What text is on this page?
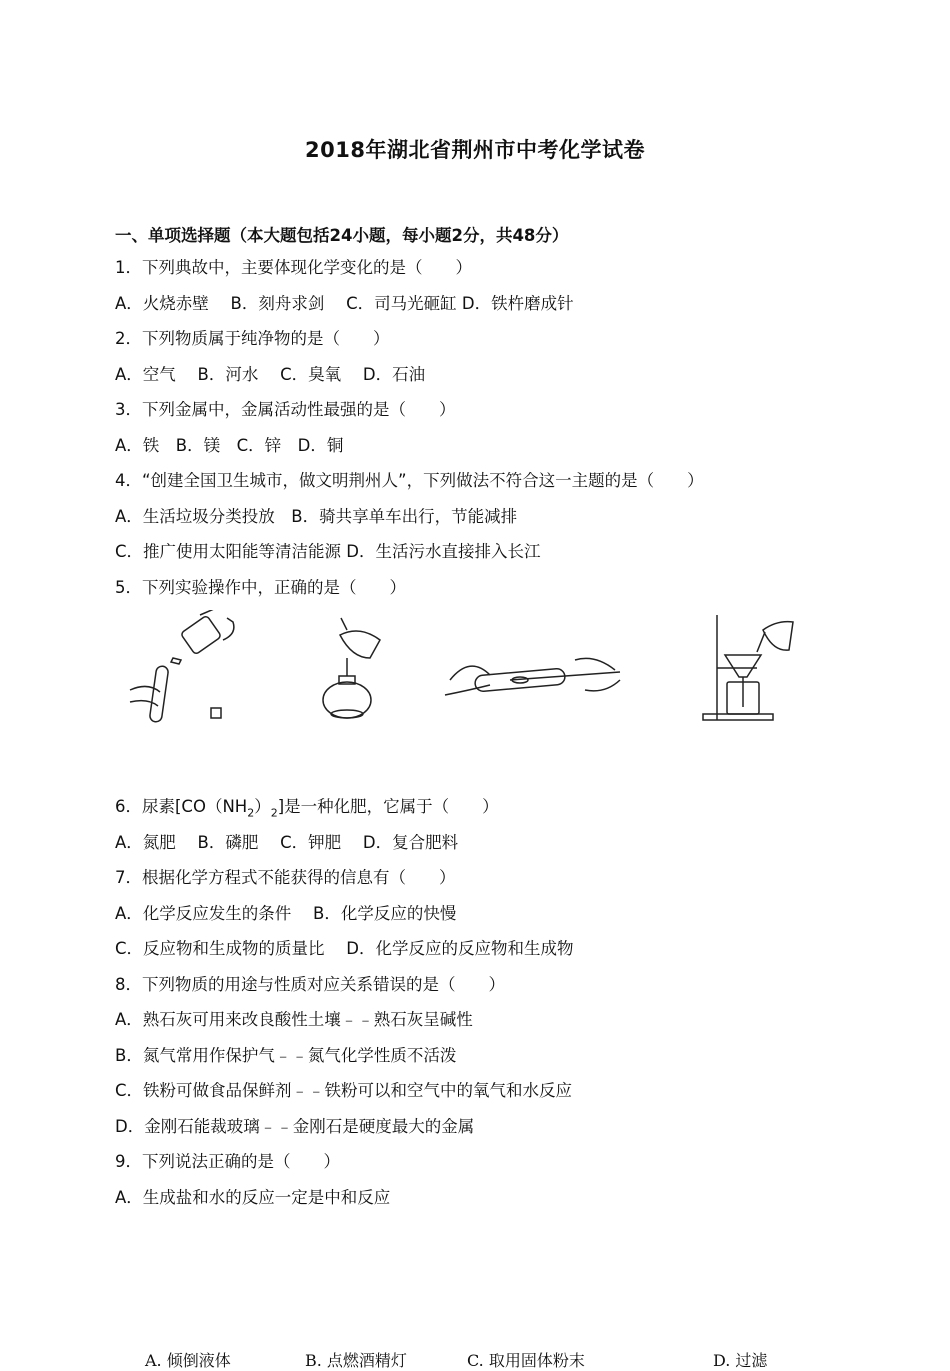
2018年湖北省荆州市中考化学试卷
一、单项选择题（本大题包括24小题，每小题2分，共48分）
1．下列典故中，主要体现化学变化的是（　　）
A．火烧赤壁　 B．刻舟求剑　 C．司马光砸缸 D．铁杵磨成针
2．下列物质属于纯净物的是（　　）
A．空气　 B．河水　 C．臭氧　 D．石油
3．下列金属中，金属活动性最强的是（　　）
A．铁　B．镁　C．锌　D．铜
4．“创建全国卫生城市，做文明荆州人”，下列做法不符合这一主题的是（　　）
A．生活垃圾分类投放　B．骑共享单车出行，节能减排
C．推广使用太阳能等清洁能源 D．生活污水直接排入长江
5．下列实验操作中，正确的是（　　）
A. 倾倒液体	B. 点燃酒精灯	C. 取用固体粉末	D. 过滤
6．尿素$[CO(NH_2)_2]$是一种化肥，它属于（　　）
A．氮肥　 B．磷肥　 C．钾肥　 D．复合肥料
7．根据化学方程式不能获得的信息有（　　）
A．化学反应发生的条件　 B．化学反应的快慢
C．反应物和生成物的质量比　 D．化学反应的反应物和生成物
8．下列物质的用途与性质对应关系错误的是（　　）
A．熟石灰可用来改良酸性土壤﹣﹣熟石灰呈碱性
B．氮气常用作保护气﹣﹣氮气化学性质不活泼
C．铁粉可做食品保鲜剂﹣﹣铁粉可以和空气中的氧气和水反应
D．金刚石能裁玻璃﹣﹣金刚石是硬度最大的金属
9．下列说法正确的是（　　）
A．生成盐和水的反应一定是中和反应
